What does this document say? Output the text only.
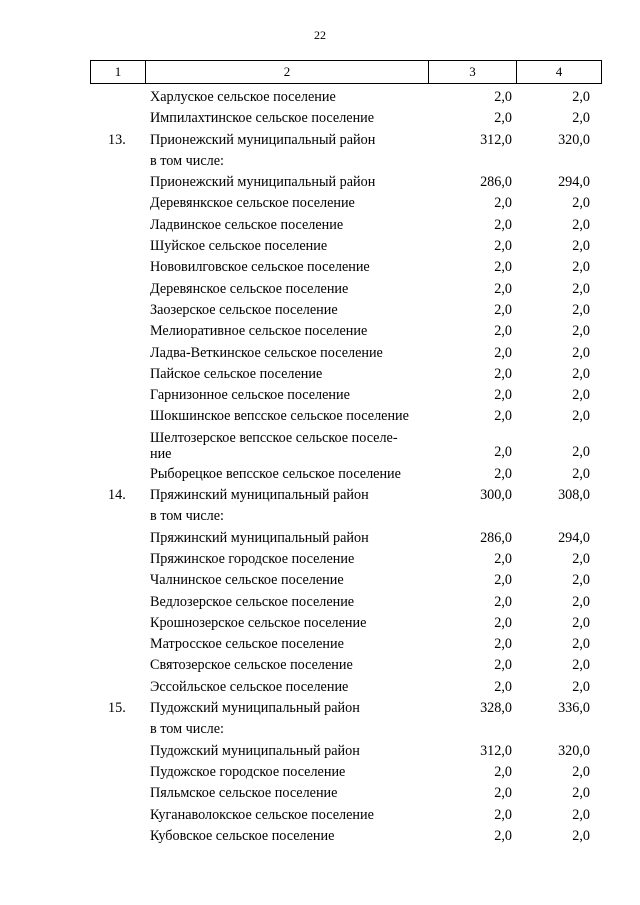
22
1	2	3	4
Харлуское сельское поселение	2,0	2,0
Импилахтинское сельское поселение	2,0	2,0
13. Прионежский муниципальный район	312,0	320,0
в том числе:
Прионежский муниципальный район	286,0	294,0
Деревянкское сельское поселение	2,0	2,0
Ладвинское сельское поселение	2,0	2,0
Шуйское сельское поселение	2,0	2,0
Нововилговское сельское поселение	2,0	2,0
Деревянское сельское поселение	2,0	2,0
Заозерское сельское поселение	2,0	2,0
Мелиоративное сельское поселение	2,0	2,0
Ладва-Веткинское сельское поселение	2,0	2,0
Пайское сельское поселение	2,0	2,0
Гарнизонное сельское поселение	2,0	2,0
Шокшинское вепсское сельское поселение	2,0	2,0
Шелтозерское вепсское сельское поселе-
ние	2,0	2,0
Рыборецкое вепсское сельское поселение	2,0	2,0
14. Пряжинский муниципальный район	300,0	308,0
в том числе:
Пряжинский муниципальный район	286,0	294,0
Пряжинское городское поселение	2,0	2,0
Чалнинское сельское поселение	2,0	2,0
Ведлозерское сельское поселение	2,0	2,0
Крошнозерское сельское поселение	2,0	2,0
Матросское сельское поселение	2,0	2,0
Святозерское сельское поселение	2,0	2,0
Эссойльское сельское поселение	2,0	2,0
15. Пудожский муниципальный район	328,0	336,0
в том числе:
Пудожский муниципальный район	312,0	320,0
Пудожское городское поселение	2,0	2,0
Пяльмское сельское поселение	2,0	2,0
Куганаволокское сельское поселение	2,0	2,0
Кубовское сельское поселение	2,0	2,0
